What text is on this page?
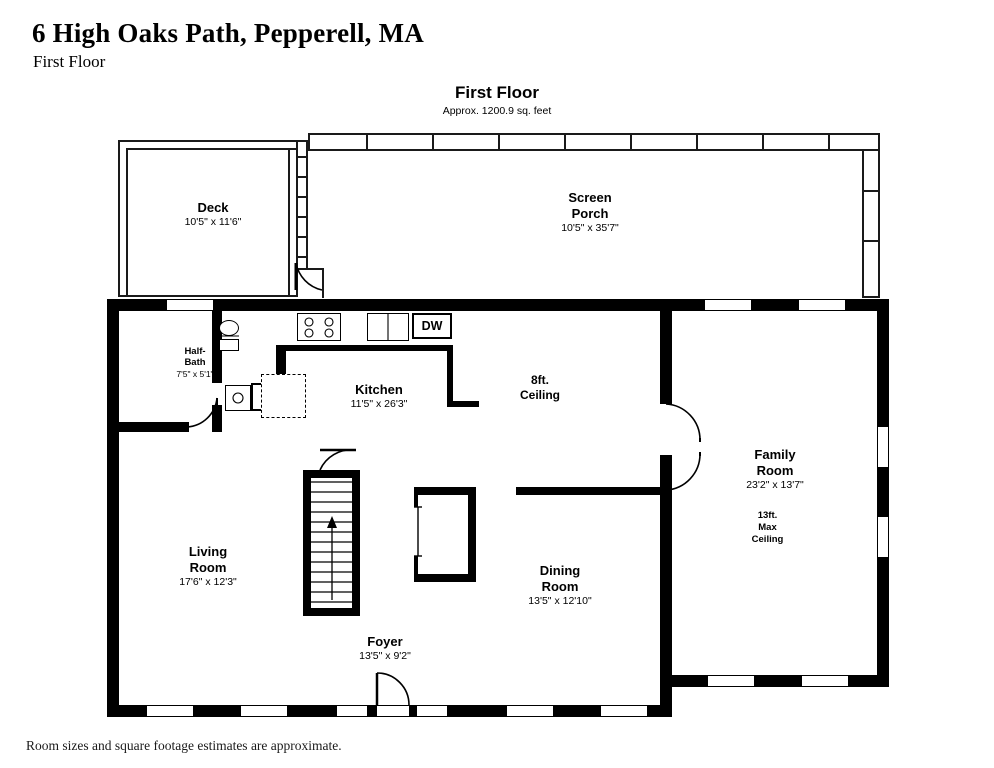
6 High Oaks Path, Pepperell, MA
First Floor
First Floor
Approx. 1200.9 sq. feet
Room sizes and square footage estimates are approximate.
Deck
10'5" x 11'6"
Screen
Porch
10'5" x 35'7"
DW
Half-
Bath
7'5" x 5'1"
Kitchen
11'5" x 26'3"
8ft.
Ceiling
Family
Room
23'2" x 13'7"
13ft.
Max
Ceiling
Living
Room
17'6" x 12'3"
Dining
Room
13'5" x 12'10"
Foyer
13'5" x 9'2"
